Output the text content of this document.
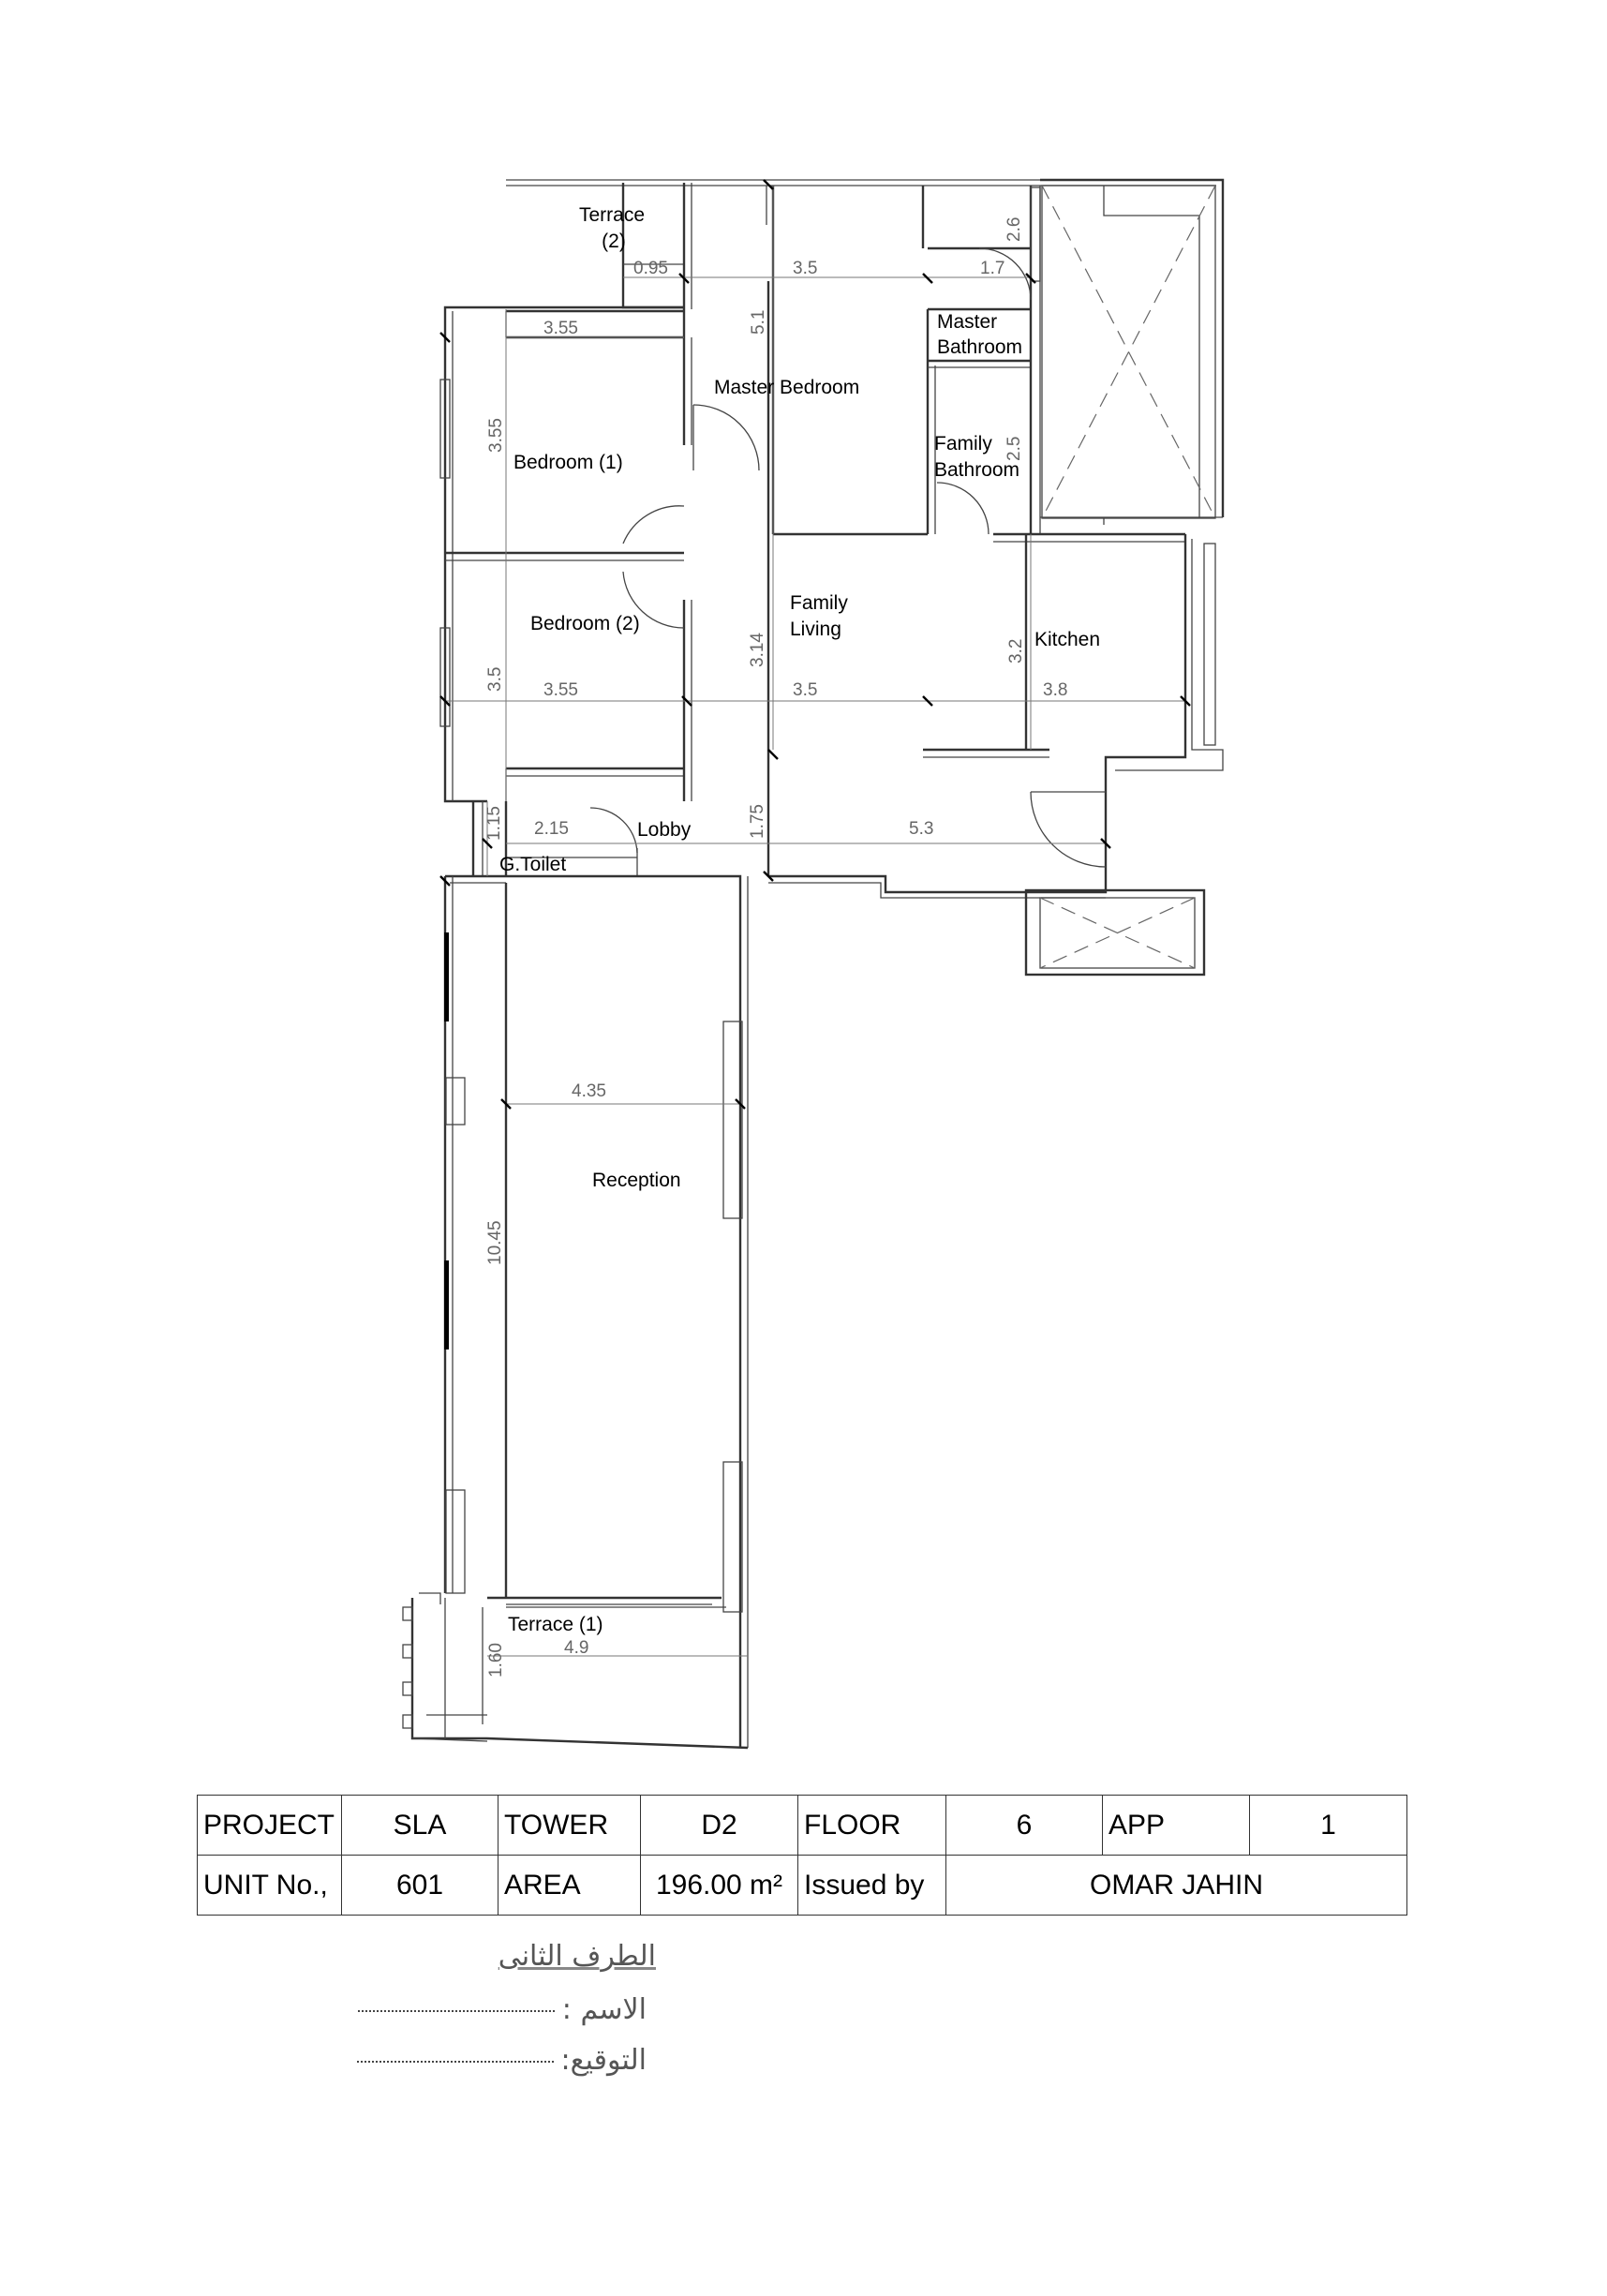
Terrace
(2)
Master Bedroom
Master
Bathroom
Bedroom (1)
Family
Bathroom
Bedroom (2)
Family
Living	Kitchen
Lobby
G.Toilet
Reception
Terrace (1)
0.95	3.5	1.7
2.6
5.1
3.55
3.55	2.5
3.14	3.2
3.5 3.55	3.5	3.8
1.15 2.15	1.75	5.3
4.35
10.45
1.60	4.9
PROJECT	SLA	TOWER	D2	FLOOR	6	APP	1
UNIT No.,	601	AREA	196.00 m²	Issued by	OMAR JAHIN		
الطرف الثانى
الاسم :
التوقيع:
